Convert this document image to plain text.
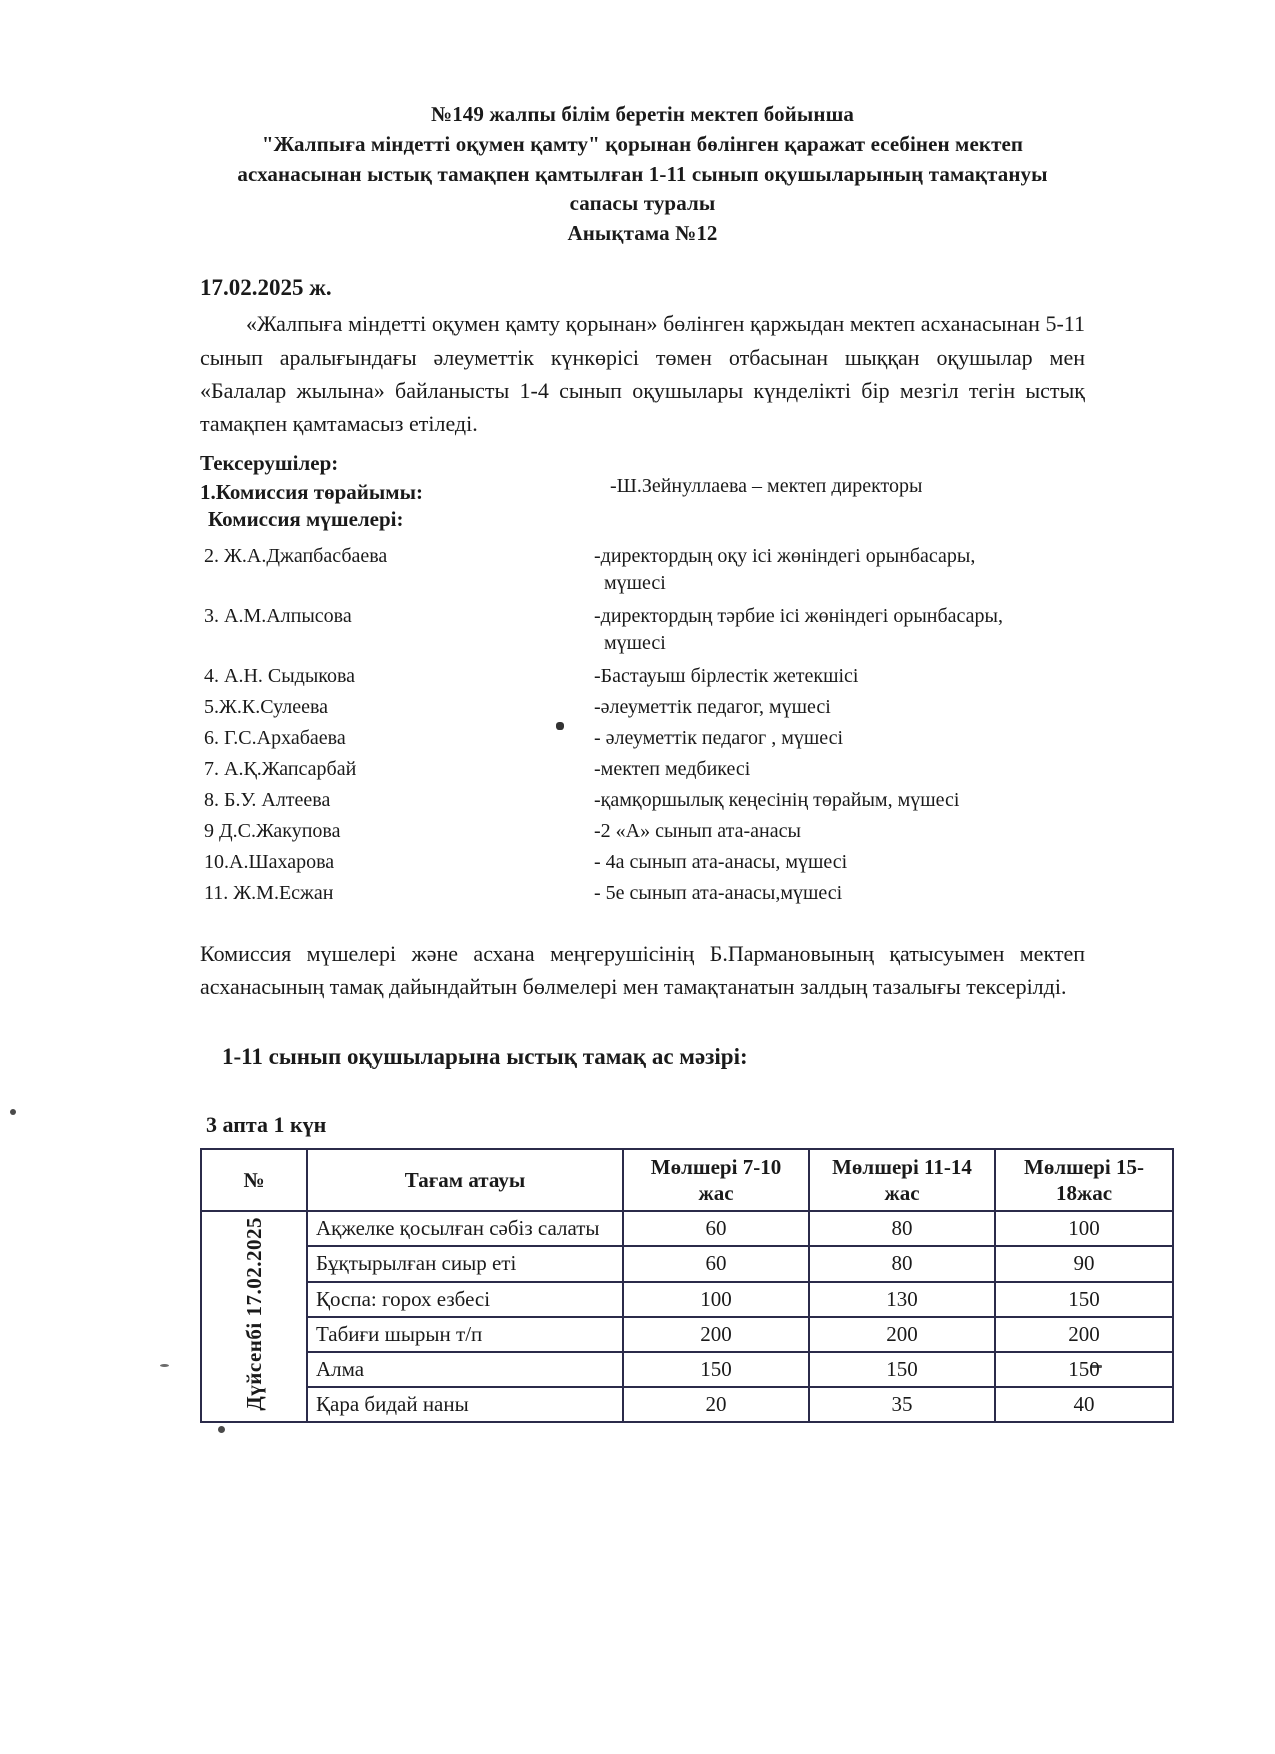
№149 жалпы білім беретін мектеп бойынша
"Жалпыға міндетті оқумен қамту" қорынан бөлінген қаражат есебінен мектеп
асханасынан ыстық тамақпен қамтылған 1-11 сынып оқушыларының тамақтануы
сапасы туралы
Анықтама №12
17.02.2025 ж.
«Жалпыға міндетті оқумен қамту қорынан» бөлінген қаржыдан мектеп асханасынан 5-11 сынып аралығындағы әлеуметтік күнкөрісі төмен отбасынан шыққан оқушылар мен «Балалар жылына» байланысты 1-4 сынып оқушылары күнделікті бір мезгіл тегін ыстық тамақпен қамтамасыз етіледі.
Тексерушілер:
1.Комиссия төрайымы:	-Ш.Зейнуллаева – мектеп директоры
Комиссия мүшелері:
2. Ж.А.Джапбасбаева	-директордың оқу ісі жөніндегі орынбасары,
мүшесі
3. А.М.Алпысова	-директордың тәрбие ісі жөніндегі орынбасары,
мүшесі
4. А.Н. Сыдыкова	-Бастауыш бірлестік жетекшісі
5.Ж.К.Сулеева	-әлеуметтік педагог, мүшесі
6. Г.С.Архабаева	- әлеуметтік педагог , мүшесі
7. А.Қ.Жапсарбай	-мектеп медбикесі
8. Б.У. Алтеева	-қамқоршылық кеңесінің төрайым, мүшесі
9 Д.С.Жакупова	-2 «А» сынып ата-анасы
10.А.Шахарова	- 4а сынып ата-анасы, мүшесі
11. Ж.М.Есжан	- 5е сынып ата-анасы,мүшесі
Комиссия мүшелері және асхана меңгерушісінің Б.Пармановының қатысуымен мектеп асханасының тамақ дайындайтын бөлмелері мен тамақтанатын залдың тазалығы тексерілді.
1-11 сынып оқушыларына ыстық тамақ ас мәзірі:
3 апта 1 күн
№	Тағам атауы	Мөлшері 7-10 жас	Мөлшері 11-14 жас	Мөлшері 15-18жас
Дүйсенбі 17.02.2025	Ақжелке қосылған сәбіз салаты	60	80	100
	Бұқтырылған сиыр еті	60	80	90
	Қоспа: горох езбесі	100	130	150
	Табиғи шырын т/п	200	200	200
	Алма	150	150	150
	Қара бидай наны	20	35	40
